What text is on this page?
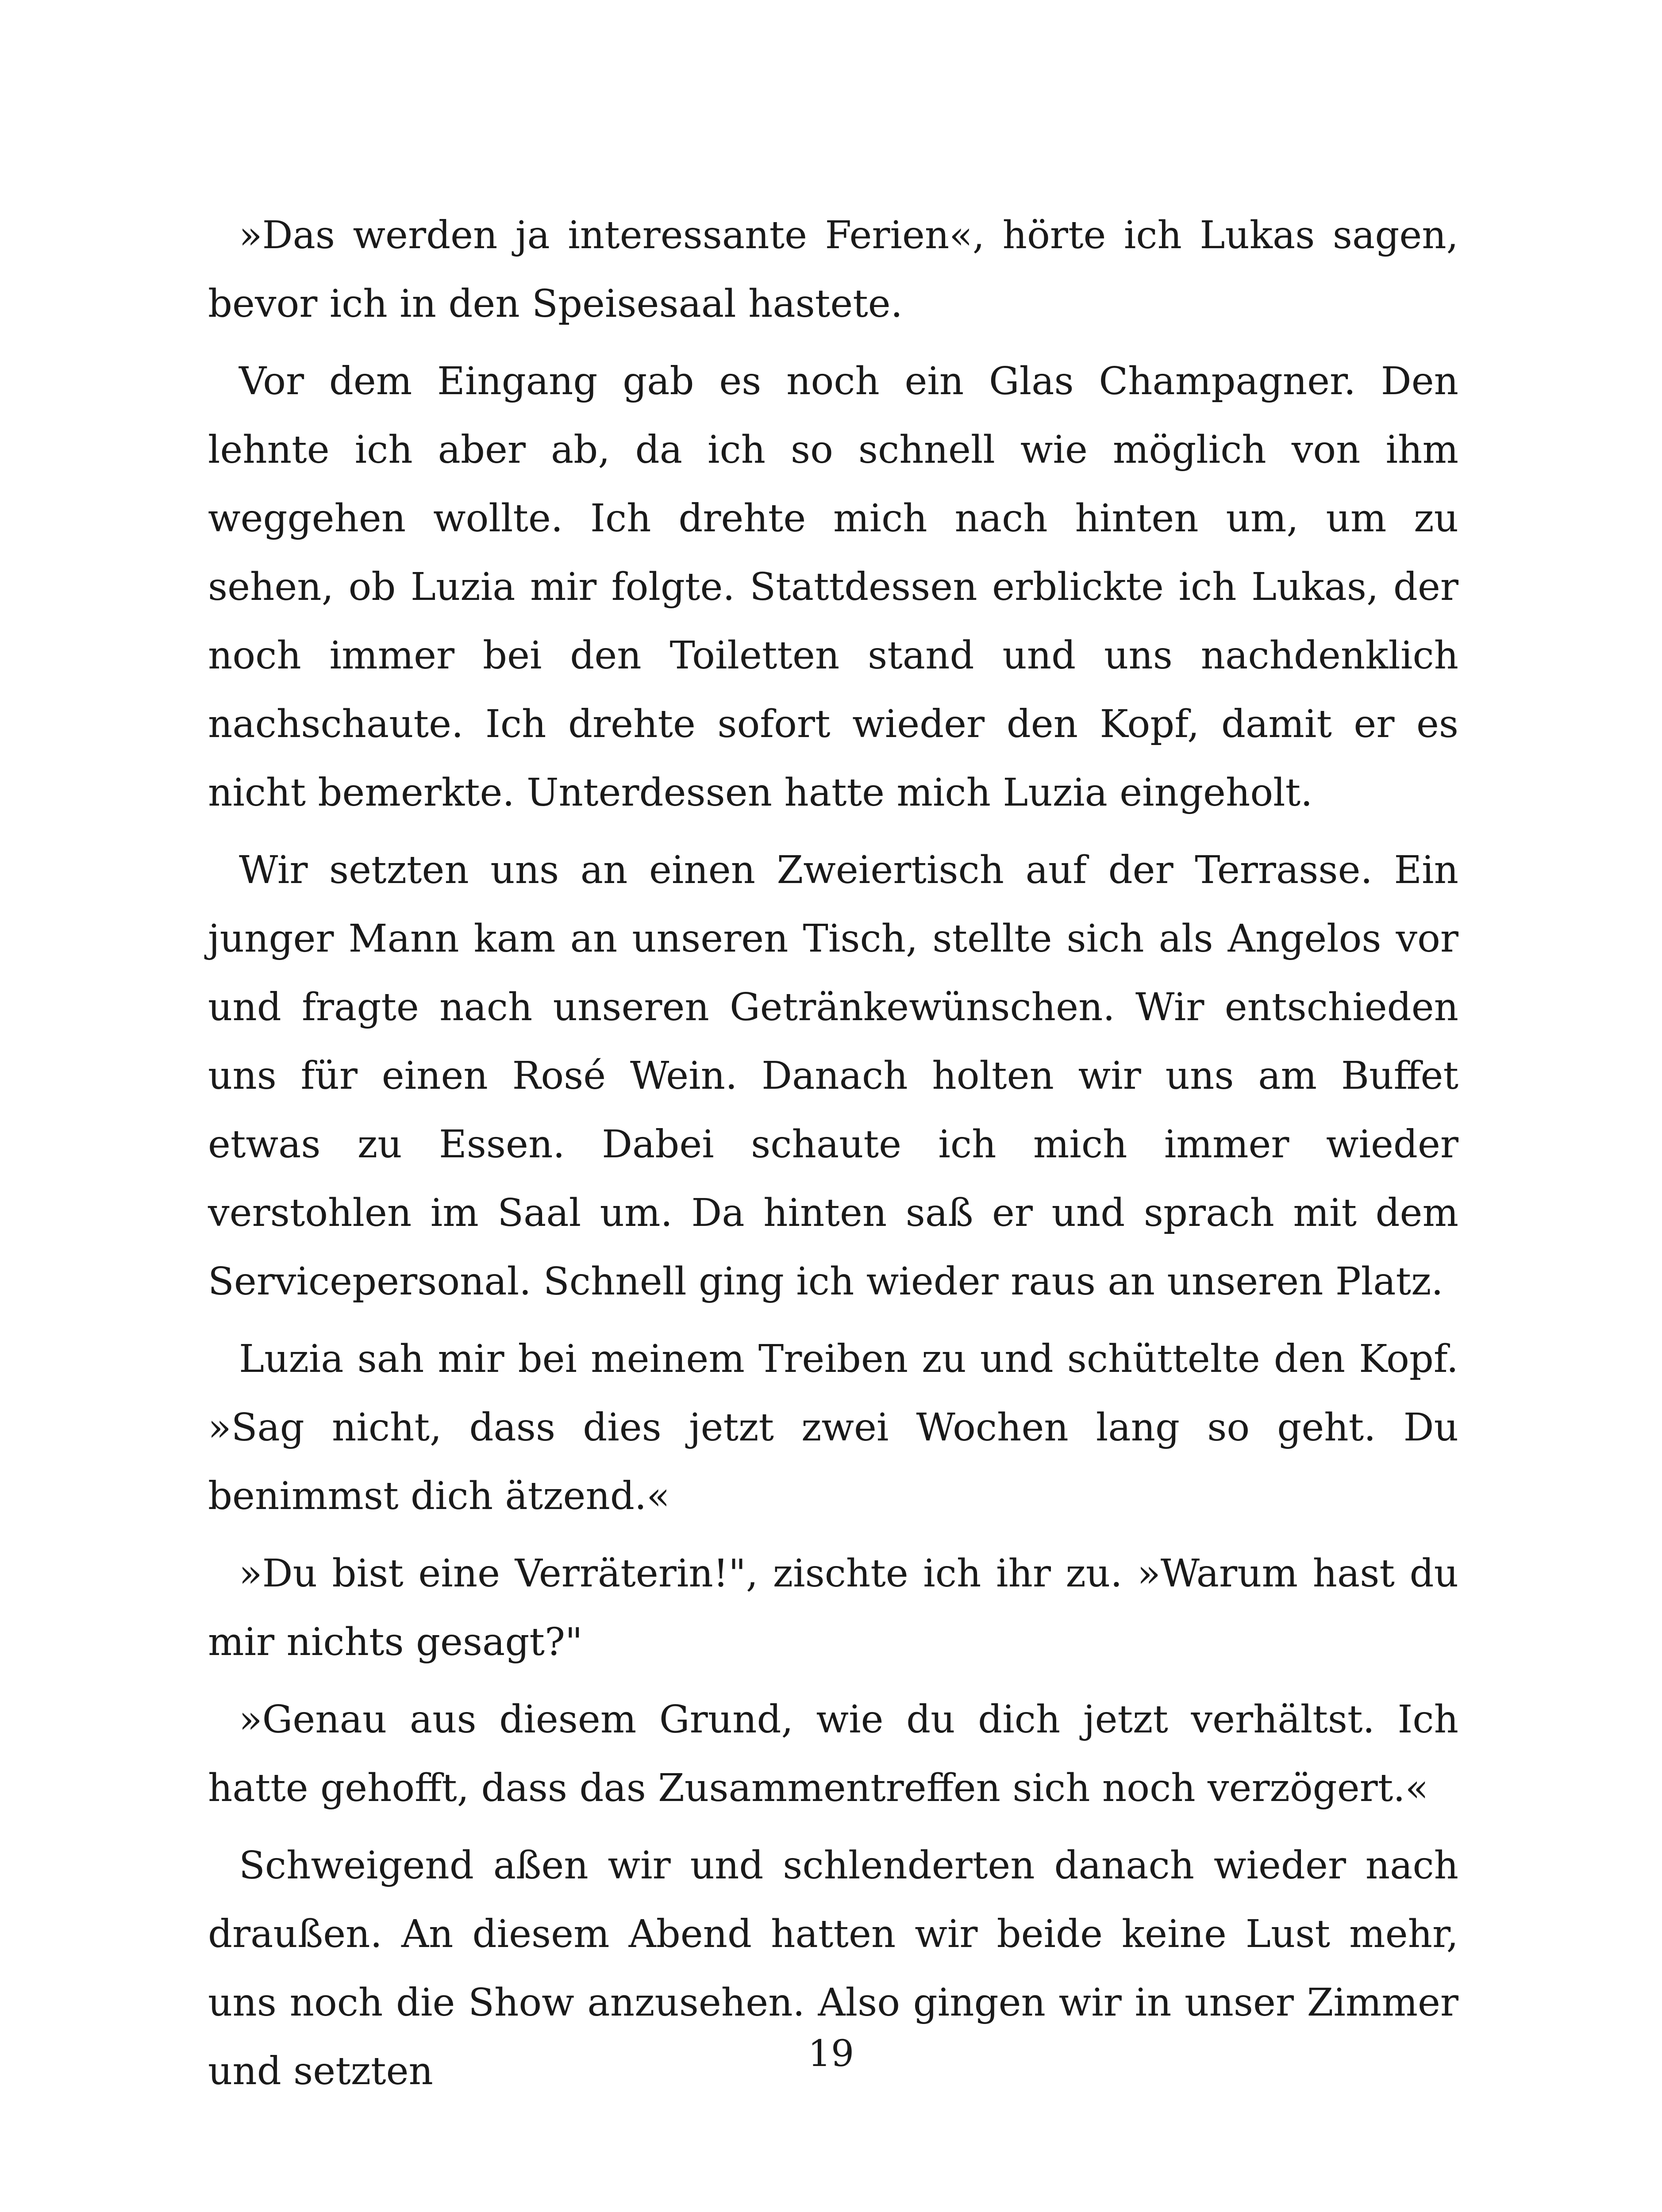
»Das werden ja interessante Ferien«, hörte ich Lukas sagen, bevor ich in den Speisesaal hastete.

Vor dem Eingang gab es noch ein Glas Champagner. Den lehnte ich aber ab, da ich so schnell wie möglich von ihm weggehen wollte. Ich drehte mich nach hinten um, um zu sehen, ob Luzia mir folgte. Stattdessen erblickte ich Lukas, der noch immer bei den Toiletten stand und uns nachdenklich nachschaute. Ich drehte sofort wieder den Kopf, damit er es nicht bemerkte. Unterdessen hatte mich Luzia eingeholt.

Wir setzten uns an einen Zweiertisch auf der Terrasse. Ein junger Mann kam an unseren Tisch, stellte sich als Angelos vor und fragte nach unseren Getränkewünschen. Wir entschieden uns für einen Rosé Wein. Danach holten wir uns am Buffet etwas zu Essen. Dabei schaute ich mich immer wieder verstohlen im Saal um. Da hinten saß er und sprach mit dem Servicepersonal. Schnell ging ich wieder raus an unseren Platz.

Luzia sah mir bei meinem Treiben zu und schüttelte den Kopf. »Sag nicht, dass dies jetzt zwei Wochen lang so geht. Du benimmst dich ätzend.«

»Du bist eine Verräterin!", zischte ich ihr zu. »Warum hast du mir nichts gesagt?"

»Genau aus diesem Grund, wie du dich jetzt verhältst. Ich hatte gehofft, dass das Zusammentreffen sich noch verzögert.«

Schweigend aßen wir und schlenderten danach wieder nach draußen. An diesem Abend hatten wir beide keine Lust mehr, uns noch die Show anzusehen. Also gingen wir in unser Zimmer und setzten	19
